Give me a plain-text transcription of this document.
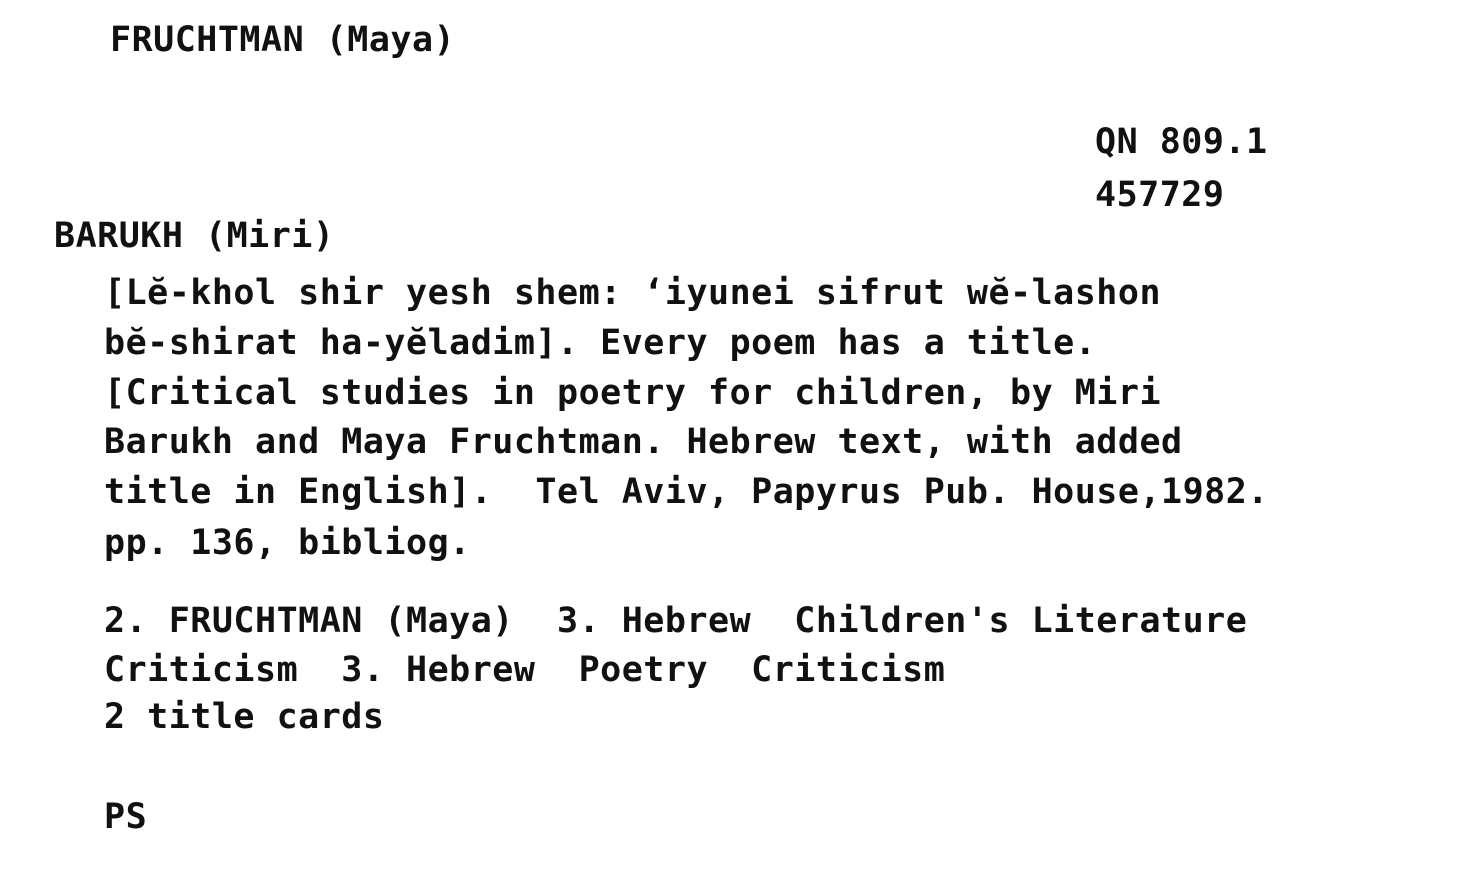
FRUCHTMAN (Maya)
QN 809.1
457729
BARUKH (Miri)
[Lĕ-khol shir yesh shem: ‘iyunei sifrut wĕ-lashon
bĕ-shirat ha-yĕladim]. Every poem has a title.
[Critical studies in poetry for children, by Miri
Barukh and Maya Fruchtman. Hebrew text, with added
title in English].  Tel Aviv, Papyrus Pub. House,1982.
pp. 136, bibliog.
2. FRUCHTMAN (Maya)  3. Hebrew  Children's Literature
Criticism  3. Hebrew  Poetry  Criticism
2 title cards
PS
